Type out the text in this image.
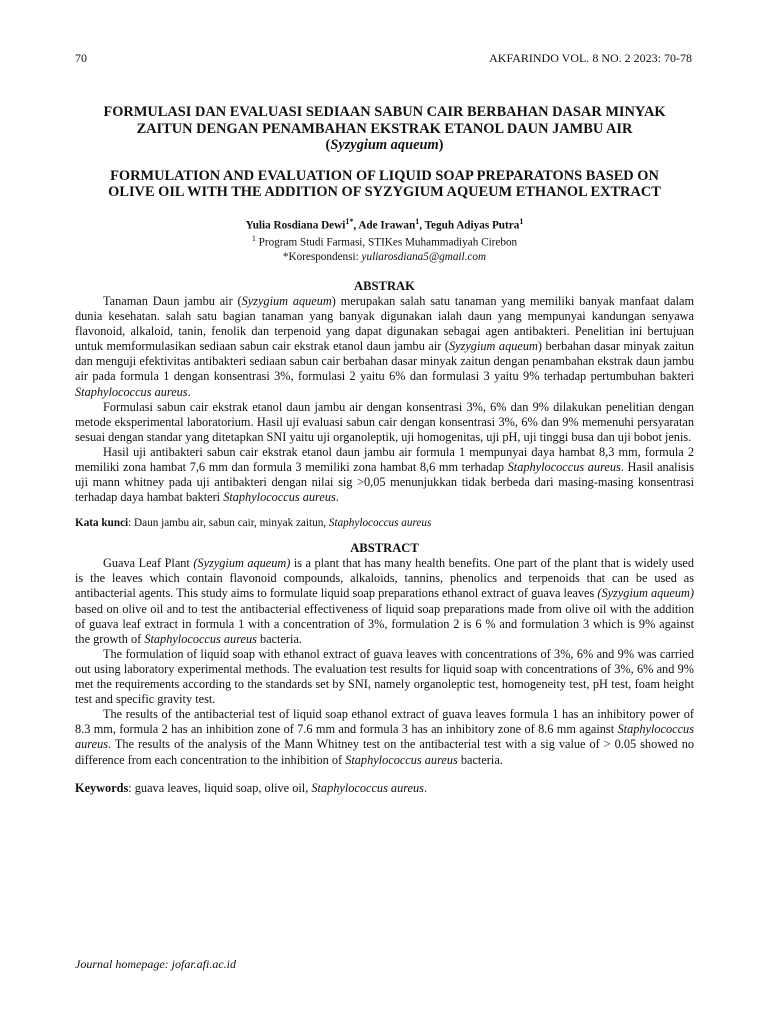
70	AKFARINDO VOL. 8 NO. 2 2023: 70-78
FORMULASI DAN EVALUASI SEDIAAN SABUN CAIR BERBAHAN DASAR MINYAK
ZAITUN DENGAN PENAMBAHAN EKSTRAK ETANOL DAUN JAMBU AIR
(Syzygium aqueum)
FORMULATION AND EVALUATION OF LIQUID SOAP PREPARATONS BASED ON
OLIVE OIL WITH THE ADDITION OF SYZYGIUM AQUEUM ETHANOL EXTRACT
Yulia Rosdiana Dewi$^{1*}$, Ade Irawan$^1$, Teguh Adiyas Putra$^1$
$^1$ Program Studi Farmasi, STIKes Muhammadiyah Cirebon
*Korespondensi: yuliarosdiana5@gmail.com
ABSTRAK

Tanaman Daun jambu air (Syzygium aqueum) merupakan salah satu tanaman yang memiliki banyak manfaat dalam dunia kesehatan. salah satu bagian tanaman yang banyak digunakan ialah daun yang mempunyai kandungan senyawa flavonoid, alkaloid, tanin, fenolik dan terpenoid yang dapat digunakan sebagai agen antibakteri. Penelitian ini bertujuan untuk memformulasikan sediaan sabun cair ekstrak etanol daun jambu air (Syzygium aqueum) berbahan dasar minyak zaitun dan menguji efektivitas antibakteri sediaan sabun cair berbahan dasar minyak zaitun dengan penambahan ekstrak daun jambu air pada formula 1 dengan konsentrasi 3%, formulasi 2 yaitu 6% dan formulasi 3 yaitu 9% terhadap pertumbuhan bakteri Staphylococcus aureus.

Formulasi sabun cair ekstrak etanol daun jambu air dengan konsentrasi 3%, 6% dan 9% dilakukan penelitian dengan metode eksperimental laboratorium. Hasil uji evaluasi sabun cair dengan konsentrasi 3%, 6% dan 9% memenuhi persyaratan sesuai dengan standar yang ditetapkan SNI yaitu uji organoleptik, uji homogenitas, uji pH, uji tinggi busa dan uji bobot jenis.

Hasil uji antibakteri sabun cair ekstrak etanol daun jambu air formula 1 mempunyai daya hambat 8,3 mm, formula 2 memiliki zona hambat 7,6 mm dan formula 3 memiliki zona hambat 8,6 mm terhadap Staphylococcus aureus. Hasil analisis uji mann whitney pada uji antibakteri dengan nilai sig >0,05 menunjukkan tidak berbeda dari masing-masing konsentrasi terhadap daya hambat bakteri Staphylococcus aureus.

Kata kunci: Daun jambu air, sabun cair, minyak zaitun, Staphylococcus aureus
ABSTRACT

Guava Leaf Plant (Syzygium aqueum) is a plant that has many health benefits. One part of the plant that is widely used is the leaves which contain flavonoid compounds, alkaloids, tannins, phenolics and terpenoids that can be used as antibacterial agents. This study aims to formulate liquid soap preparations ethanol extract of guava leaves (Syzygium aqueum) based on olive oil and to test the antibacterial effectiveness of liquid soap preparations made from olive oil with the addition of guava leaf extract in formula 1 with a concentration of 3%, formulation 2 is 6 % and formulation 3 which is 9% against the growth of Staphylococcus aureus bacteria.

The formulation of liquid soap with ethanol extract of guava leaves with concentrations of 3%, 6% and 9% was carried out using laboratory experimental methods. The evaluation test results for liquid soap with concentrations of 3%, 6% and 9% met the requirements according to the standards set by SNI, namely organoleptic test, homogeneity test, pH test, foam height test and specific gravity test.

The results of the antibacterial test of liquid soap ethanol extract of guava leaves formula 1 has an inhibitory power of 8.3 mm, formula 2 has an inhibition zone of 7.6 mm and formula 3 has an inhibitory zone of 8.6 mm against Staphylococcus aureus. The results of the analysis of the Mann Whitney test on the antibacterial test with a sig value of > 0.05 showed no difference from each concentration to the inhibition of Staphylococcus aureus bacteria.

Keywords: guava leaves, liquid soap, olive oil, Staphylococcus aureus.
Journal homepage: jofar.afi.ac.id
